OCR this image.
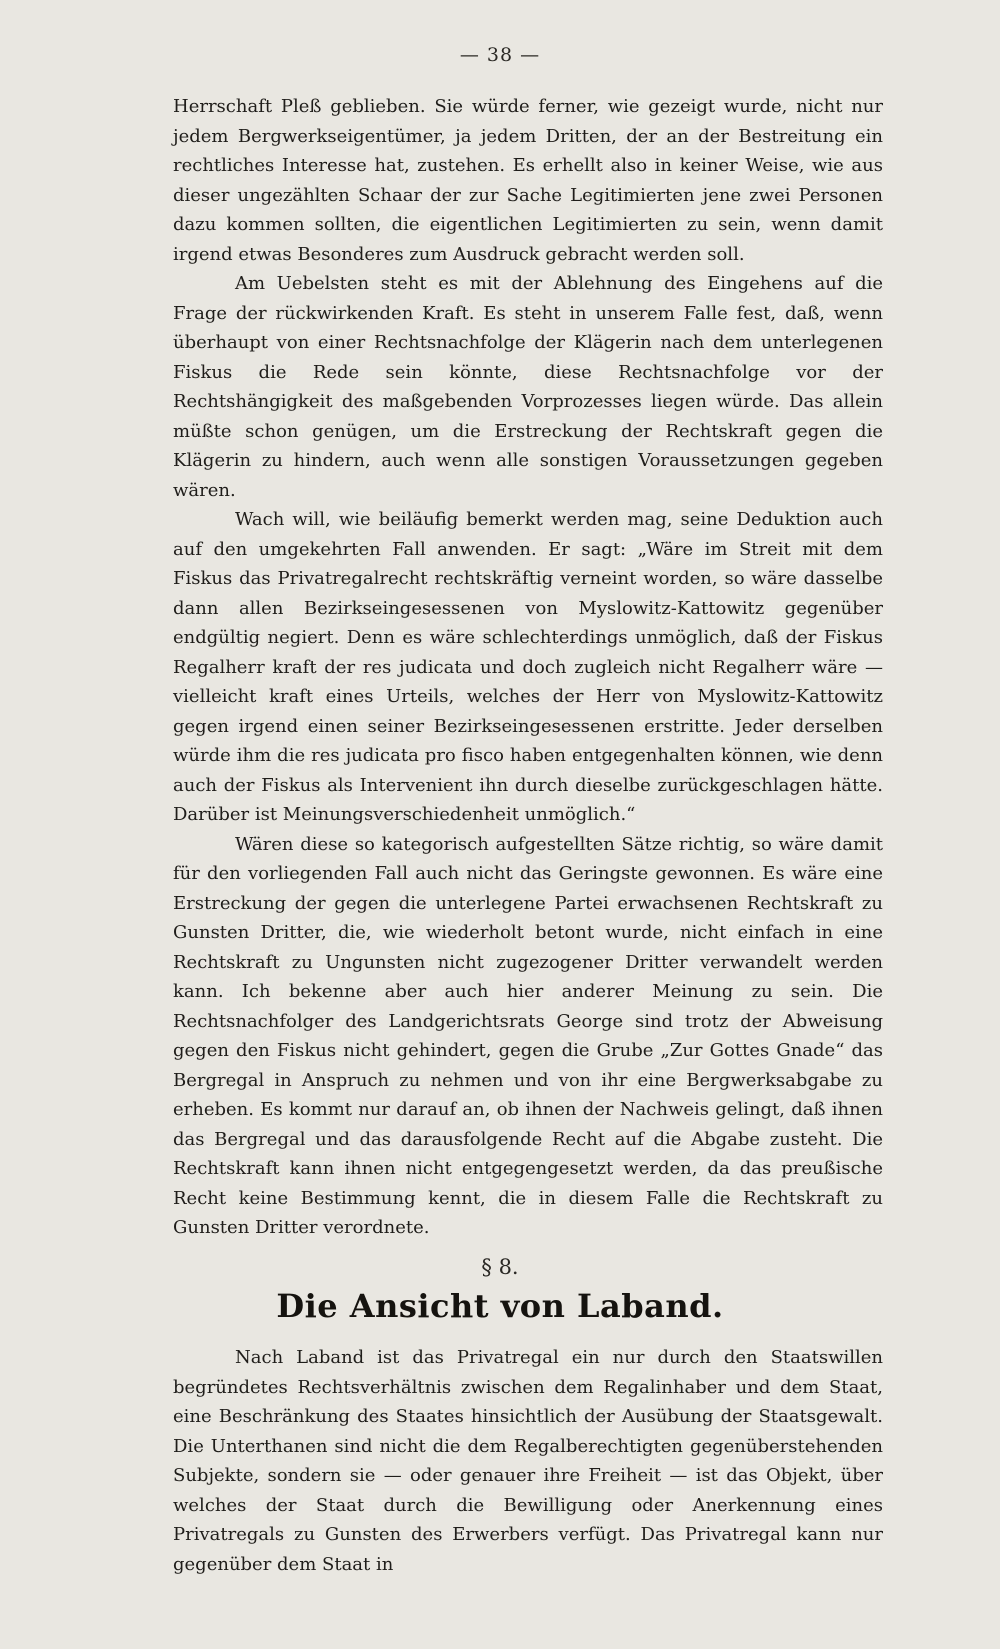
— 38 —

Herrschaft Pleß geblieben. Sie würde ferner, wie gezeigt wurde, nicht nur jedem Bergwerkseigentümer, ja jedem Dritten, der an der Bestreitung ein rechtliches Interesse hat, zustehen. Es erhellt also in keiner Weise, wie aus dieser ungezählten Schaar der zur Sache Legitimierten jene zwei Personen dazu kommen sollten, die eigentlichen Legitimierten zu sein, wenn damit irgend etwas Besonderes zum Ausdruck gebracht werden soll.

Am Uebelsten steht es mit der Ablehnung des Eingehens auf die Frage der rückwirkenden Kraft. Es steht in unserem Falle fest, daß, wenn überhaupt von einer Rechtsnachfolge der Klägerin nach dem unterlegenen Fiskus die Rede sein könnte, diese Rechtsnachfolge vor der Rechtshängigkeit des maßgebenden Vorprozesses liegen würde. Das allein müßte schon genügen, um die Erstreckung der Rechtskraft gegen die Klägerin zu hindern, auch wenn alle sonstigen Voraussetzungen gegeben wären.

Wach will, wie beiläufig bemerkt werden mag, seine Deduktion auch auf den umgekehrten Fall anwenden. Er sagt: „Wäre im Streit mit dem Fiskus das Privatregalrecht rechtskräftig verneint worden, so wäre dasselbe dann allen Bezirkseingesessenen von Myslowitz-Kattowitz gegenüber endgültig negiert. Denn es wäre schlechterdings unmöglich, daß der Fiskus Regalherr kraft der res judicata und doch zugleich nicht Regalherr wäre — vielleicht kraft eines Urteils, welches der Herr von Myslowitz-Kattowitz gegen irgend einen seiner Bezirkseingesessenen erstritte. Jeder derselben würde ihm die res judicata pro fisco haben entgegenhalten können, wie denn auch der Fiskus als Intervenient ihn durch dieselbe zurückgeschlagen hätte. Darüber ist Meinungsverschiedenheit unmöglich.“

Wären diese so kategorisch aufgestellten Sätze richtig, so wäre damit für den vorliegenden Fall auch nicht das Geringste gewonnen. Es wäre eine Erstreckung der gegen die unterlegene Partei erwachsenen Rechtskraft zu Gunsten Dritter, die, wie wiederholt betont wurde, nicht einfach in eine Rechtskraft zu Ungunsten nicht zugezogener Dritter verwandelt werden kann. Ich bekenne aber auch hier anderer Meinung zu sein. Die Rechtsnachfolger des Landgerichtsrats George sind trotz der Abweisung gegen den Fiskus nicht gehindert, gegen die Grube „Zur Gottes Gnade“ das Bergregal in Anspruch zu nehmen und von ihr eine Bergwerksabgabe zu erheben. Es kommt nur darauf an, ob ihnen der Nachweis gelingt, daß ihnen das Bergregal und das darausfolgende Recht auf die Abgabe zusteht. Die Rechtskraft kann ihnen nicht entgegengesetzt werden, da das preußische Recht keine Bestimmung kennt, die in diesem Falle die Rechtskraft zu Gunsten Dritter verordnete.

§ 8.
Die Ansicht von Laband.

Nach Laband ist das Privatregal ein nur durch den Staatswillen begründetes Rechtsverhältnis zwischen dem Regalinhaber und dem Staat, eine Beschränkung des Staates hinsichtlich der Ausübung der Staatsgewalt. Die Unterthanen sind nicht die dem Regalberechtigten gegenüberstehenden Subjekte, sondern sie — oder genauer ihre Freiheit — ist das Objekt, über welches der Staat durch die Bewilligung oder Anerkennung eines Privatregals zu Gunsten des Erwerbers verfügt. Das Privatregal kann nur gegenüber dem Staat in
